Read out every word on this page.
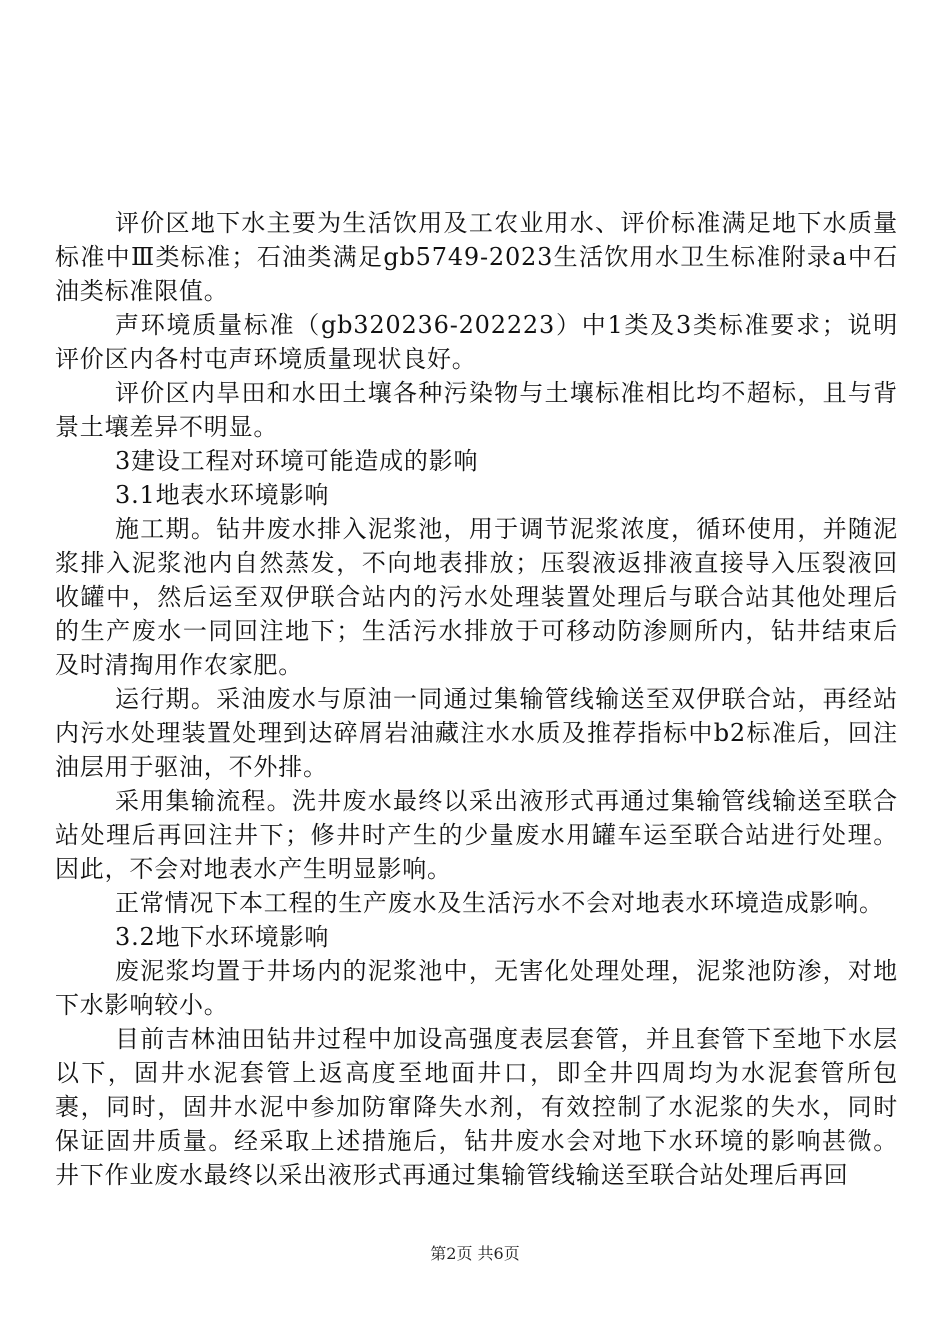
评价区地下水主要为生活饮用及工农业用水、评价标准满足地下水质量标准中Ⅲ类标准；石油类满足gb5749-2023生活饮用水卫生标准附录a中石油类标准限值。

声环境质量标准（gb320236-202223）中1类及3类标准要求；说明评价区内各村屯声环境质量现状良好。

评价区内旱田和水田土壤各种污染物与土壤标准相比均不超标，且与背景土壤差异不明显。

3建设工程对环境可能造成的影响

3.1地表水环境影响

施工期。钻井废水排入泥浆池，用于调节泥浆浓度，循环使用，并随泥浆排入泥浆池内自然蒸发，不向地表排放；压裂液返排液直接导入压裂液回收罐中，然后运至双伊联合站内的污水处理装置处理后与联合站其他处理后的生产废水一同回注地下；生活污水排放于可移动防渗厕所内，钻井结束后及时清掏用作农家肥。

运行期。采油废水与原油一同通过集输管线输送至双伊联合站，再经站内污水处理装置处理到达碎屑岩油藏注水水质及推荐指标中b2标准后，回注油层用于驱油，不外排。

采用集输流程。洗井废水最终以采出液形式再通过集输管线输送至联合站处理后再回注井下；修井时产生的少量废水用罐车运至联合站进行处理。因此，不会对地表水产生明显影响。

正常情况下本工程的生产废水及生活污水不会对地表水环境造成影响。

3.2地下水环境影响

废泥浆均置于井场内的泥浆池中，无害化处理处理，泥浆池防渗，对地下水影响较小。

目前吉林油田钻井过程中加设高强度表层套管，并且套管下至地下水层以下，固井水泥套管上返高度至地面井口，即全井四周均为水泥套管所包裹，同时，固井水泥中参加防窜降失水剂，有效控制了水泥浆的失水，同时保证固井质量。经采取上述措施后，钻井废水会对地下水环境的影响甚微。井下作业废水最终以采出液形式再通过集输管线输送至联合站处理后再回

第2页 共6页
